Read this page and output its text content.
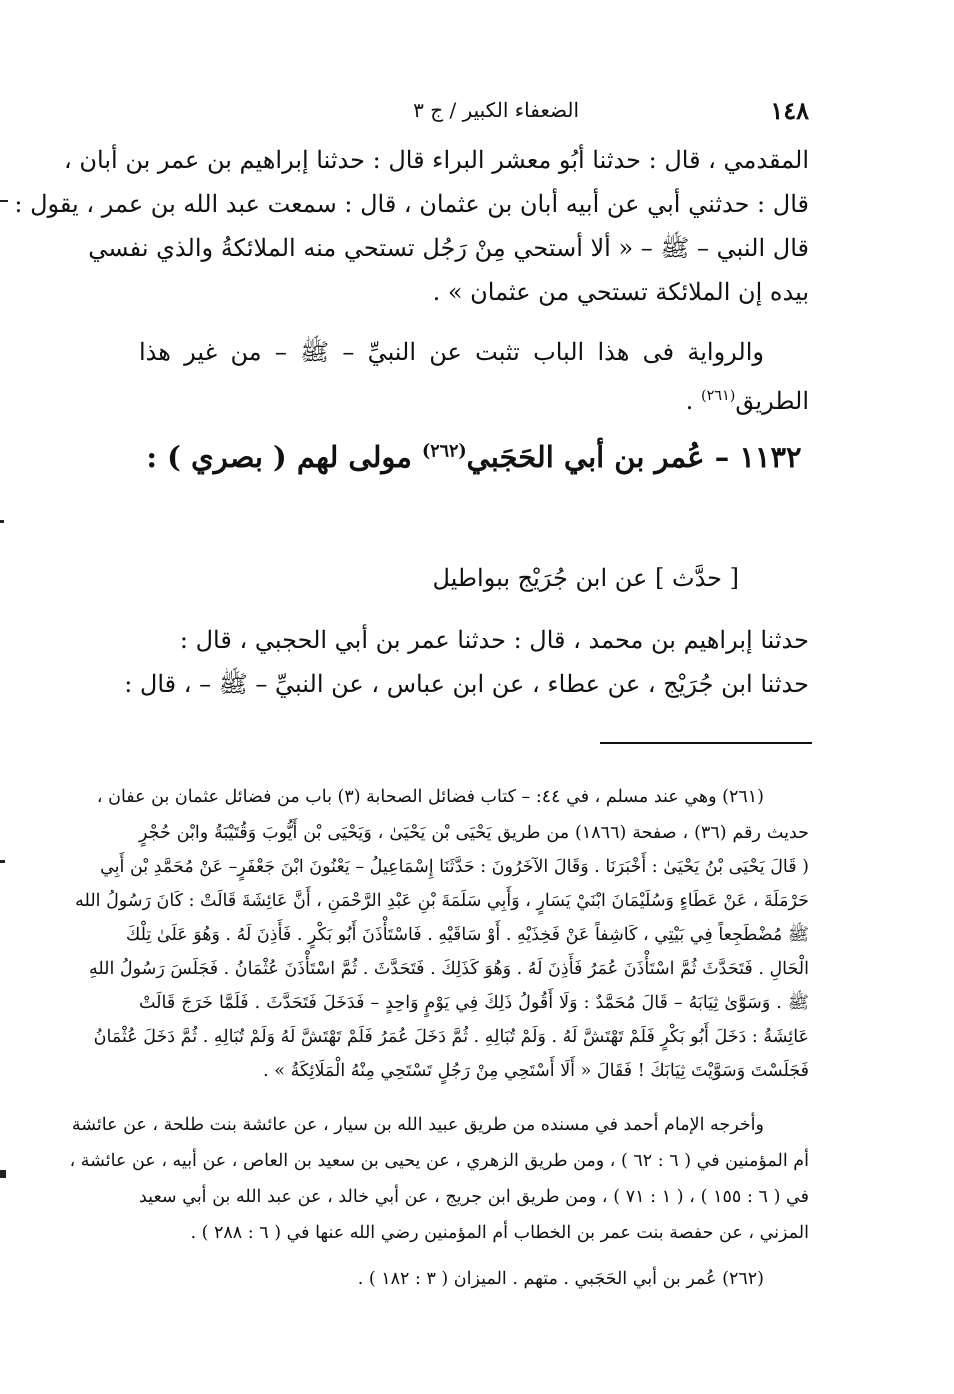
١٤٨
الضعفاء الكبير / ج ٣
المقدمي ، قال : حدثنا أبُو معشر البراء قال : حدثنا إبراهيم بن عمر بن أبان ،
قال : حدثني أبي عن أبيه أبان بن عثمان ، قال : سمعت عبد الله بن عمر ، يقول :
قال النبي – ﷺ – « ألا أستحي مِنْ رَجُل تستحي منه الملائكةُ والذي نفسي
بيده إن الملائكة تستحي من عثمان » .
والرواية فى هذا الباب تثبت عن النبيِّ – ﷺ – من غير هذا
الطريق$^{(٢٦١)}$ .
١١٣٢ – عُمر بن أبي الحَجَبي$^{(٢٦٢)}$ مولى لهم ( بصري ) :
[ حدَّث ] عن ابن جُرَيْج ببواطيل
حدثنا إبراهيم بن محمد ، قال : حدثنا عمر بن أبي الحجبي ، قال :
حدثنا ابن جُرَيْج ، عن عطاء ، عن ابن عباس ، عن النبيِّ – ﷺ – ، قال :
(٢٦١) وهي عند مسلم ، في ٤٤: – كتاب فضائل الصحابة (٣) باب من فضائل عثمان بن عفان ،
حديث رقم (٣٦) ، صفحة (١٨٦٦) من طريق يَحْيَى بْن يَحْيَىٰ ، وَيَحْيَى بْن أَيُّوبَ وَقُتَيْبَةُ وابْن حُجْرٍ
( قَالَ يَحْيَى بْنُ يَحْيَىٰ : أَخْبَرَنَا . وَقَالَ الآخَرُونَ : حَدَّثَنَا إِسْمَاعِيلُ – يَعْنُونَ ابْنَ جَعْفَرٍ– عَنْ مُحَمَّدِ بْن أَبِي
حَرْمَلَةَ ، عَنْ عَطَاءٍ وَسُلَيْمَانَ ابْنَيْ يَسَارٍ ، وَأَبِي سَلَمَةَ بْنِ عَبْدِ الرَّحْمَنِ ، أَنَّ عَائِشَةَ قَالَتْ : كَانَ رَسُولُ الله
ﷺ مُضْطَجِعاً فِي بَيْتِي ، كَاشِفاً عَنْ فَخِذَيْهِ . أَوْ سَاقَيْهِ . فَاسْتَأْذَنَ أَبُو بَكْرٍ . فَأَذِنَ لَهُ . وَهُوَ عَلَىٰ تِلْكَ
الْحَالِ . فَتَحَدَّثَ ثُمَّ اسْتَأْذَنَ عُمَرُ فَأَذِنَ لَهُ . وَهُوَ كَذَلِكَ . فَتَحَدَّثَ . ثُمَّ اسْتَأْذَنَ عُثْمَانُ . فَجَلَسَ رَسُولُ اللهِ
ﷺ . وَسَوَّىٰ ثِيَابَهُ – قَالَ مُحَمَّدٌ : وَلَا أَقُولُ ذَلِكَ فِي يَوْمٍ وَاحِدٍ – فَدَخَلَ فَتَحَدَّثَ . فَلَمَّا خَرَجَ قَالَتْ
عَائِشَةُ : دَخَلَ أَبُو بَكْرٍ فَلَمْ تَهْتَشَّ لَهُ . وَلَمْ تُبَالِهِ . ثُمَّ دَخَلَ عُمَرُ فَلَمْ تَهْتَشَّ لَهُ وَلَمْ تُبَالِهِ . ثُمَّ دَخَلَ عُثْمَانُ
فَجَلَسْتَ وَسَوَّيْتَ ثِيَابَكَ ! فَقَالَ « أَلَا أَسْتَحِي مِنْ رَجُلٍ تَسْتَحِي مِنْهُ الْمَلَائِكَةُ » .
وأخرجه الإمام أحمد في مسنده من طريق عبيد الله بن سيار ، عن عائشة بنت طلحة ، عن عائشة
أم المؤمنين في ( ٦ : ٦٢ ) ، ومن طريق الزهري ، عن يحيى بن سعيد بن العاص ، عن أبيه ، عن عائشة ،
في ( ٦ : ١٥٥ ) ، ( ١ : ٧١ ) ، ومن طريق ابن جريج ، عن أبي خالد ، عن عبد الله بن أبي سعيد
المزني ، عن حفصة بنت عمر بن الخطاب أم المؤمنين رضي الله عنها في ( ٦ : ٢٨٨ ) .
(٢٦٢) عُمر بن أبي الحَجَبي . متهم . الميزان ( ٣ : ١٨٢ ) .
